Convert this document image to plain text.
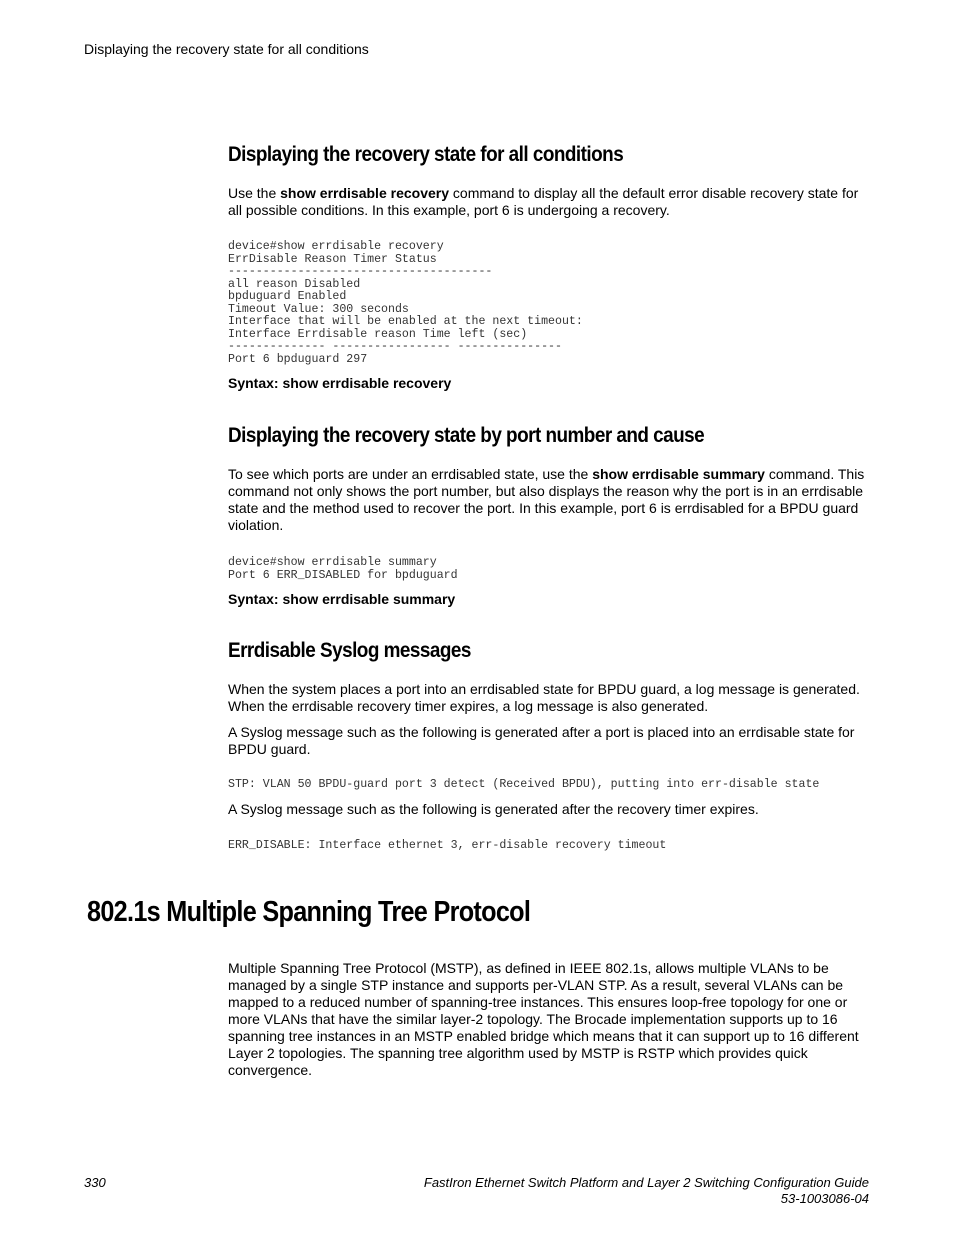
Displaying the recovery state for all conditions
Displaying the recovery state for all conditions
Use the show errdisable recovery command to display all the default error disable recovery state for all possible conditions. In this example, port 6 is undergoing a recovery.
device#show errdisable recovery
ErrDisable Reason Timer Status
--------------------------------------
all reason Disabled
bpduguard Enabled
Timeout Value: 300 seconds
Interface that will be enabled at the next timeout:
Interface Errdisable reason Time left (sec)
-------------- ----------------- ---------------
Port 6 bpduguard 297
Syntax: show errdisable recovery
Displaying the recovery state by port number and cause
To see which ports are under an errdisabled state, use the show errdisable summary command. This command not only shows the port number, but also displays the reason why the port is in an errdisable state and the method used to recover the port. In this example, port 6 is errdisabled for a BPDU guard violation.
device#show errdisable summary
Port 6 ERR_DISABLED for bpduguard
Syntax: show errdisable summary
Errdisable Syslog messages
When the system places a port into an errdisabled state for BPDU guard, a log message is generated. When the errdisable recovery timer expires, a log message is also generated.
A Syslog message such as the following is generated after a port is placed into an errdisable state for BPDU guard.
STP: VLAN 50 BPDU-guard port 3 detect (Received BPDU), putting into err-disable state
A Syslog message such as the following is generated after the recovery timer expires.
ERR_DISABLE: Interface ethernet 3, err-disable recovery timeout
802.1s Multiple Spanning Tree Protocol
Multiple Spanning Tree Protocol (MSTP), as defined in IEEE 802.1s, allows multiple VLANs to be managed by a single STP instance and supports per-VLAN STP. As a result, several VLANs can be mapped to a reduced number of spanning-tree instances. This ensures loop-free topology for one or more VLANs that have the similar layer-2 topology. The Brocade implementation supports up to 16 spanning tree instances in an MSTP enabled bridge which means that it can support up to 16 different Layer 2 topologies. The spanning tree algorithm used by MSTP is RSTP which provides quick convergence.
330	FastIron Ethernet Switch Platform and Layer 2 Switching Configuration Guide
53-1003086-04
